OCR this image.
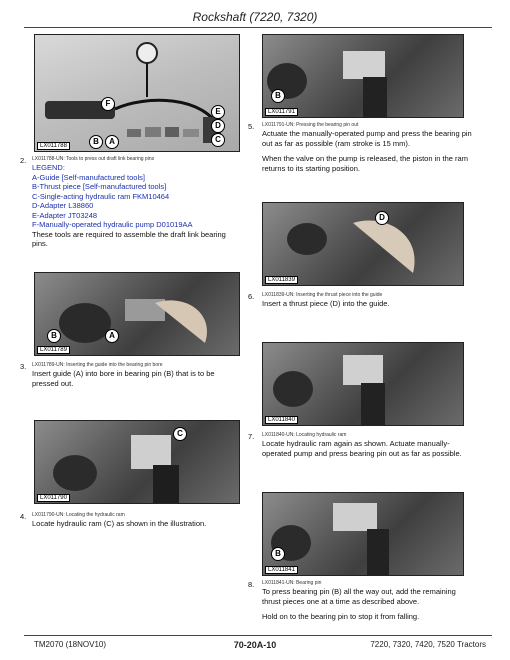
Rockshaft (7220, 7320)
F
E
D
C
B	A
LX011788
2. LX011788-UN: Tools to press out draft link bearing pins
LEGEND:
A-Guide [Self-manufactured tools]
B-Thrust piece [Self-manufactured tools]
C-Single-acting hydraulic ram FKM10464
D-Adapter L38860
E-Adapter JT03248
F-Manually-operated hydraulic pump D01019AA
These tools are required to assemble the draft link bearing pins.
B	A
LX011789
3. LX011789-UN: Inserting the guide into the bearing pin bore
Insert guide (A) into bore in bearing pin (B) that is to be pressed out.
C
LX011790
4. LX011790-UN: Locating the hydraulic ram
Locate hydraulic ram (C) as shown in the illustration.
B
LX011791
5. LX011791-UN: Pressing the bearing pin out
Actuate the manually-operated pump and press the bearing pin out as far as possible (ram stroke is 15 mm).
When the valve on the pump is released, the piston in the ram returns to its starting position.
D
LX011839
6. LX011839-UN: Inserting the thrust piece into the guide
Insert a thrust piece (D) into the guide.
LX011840
7. LX011840-UN: Locating hydraulic ram
Locate hydraulic ram again as shown. Actuate manually-operated pump and press bearing pin out as far as possible.
B
LX011841
8. LX011841-UN: Bearing pin
To press bearing pin (B) all the way out, add the remaining thrust pieces one at a time as described above.
Hold on to the bearing pin to stop it from falling.
TM2070 (18NOV10)	70-20A-10	7220, 7320, 7420, 7520 Tractors
